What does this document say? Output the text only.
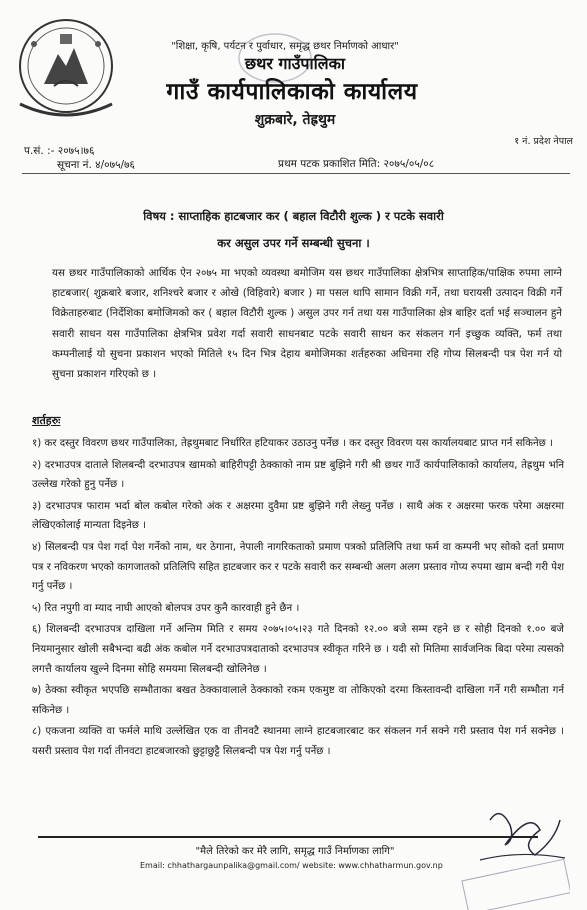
"शिक्षा, कृषि, पर्यटन र पुर्वाधार, समृद्ध छथर निर्माणको आधार"
छथर गाउँपालिका
गाउँ कार्यपालिकाको कार्यालय
शुक्रबारे, तेह्रथुम
१ नं. प्रदेश नेपाल
प.सं. :- २०७५।७६
सूचना नं. ४/०७५/७६	प्रथम पटक प्रकाशित मिति: २०७५/०५/०८
विषय : साप्ताहिक हाटबजार कर ( बहाल विटौरी शुल्क ) र पटके सवारी
कर असुल उपर गर्ने सम्बन्धी सुचना ।

यस छथर गाउँपालिकाको आर्थिक ऐन २०७५ मा भएको व्यवस्था बमोजिम यस छथर गाउँपालिका क्षेत्रभित्र साप्ताहिक/पाक्षिक रुपमा लाग्ने हाटबजार( शुक्रबारे बजार, शनिश्चरे बजार र ओखे (विहिवारे) बजार ) मा पसल थापि सामान विक्री गर्ने, तथा घरायसी उत्पादन विक्री गर्ने विक्रेताहरुबाट (निर्देशिका बमोजिमको कर ( बहाल विटौरी शुल्क ) असुल उपर गर्न तथा यस गाउँपालिका क्षेत्र बाहिर दर्ता भई सञ्चालन हुने सवारी साधन यस गाउँपालिका क्षेत्रभित्र प्रवेश गर्दा सवारी साधनबाट पटके सवारी साधन कर संकलन गर्न इच्छुक व्यक्ति, फर्म तथा कम्पनीलाई यो सुचना प्रकाशन भएको मितिले १५ दिन भित्र देहाय बमोजिमका शर्तहरुका अधिनमा रहि गोप्य सिलबन्दी पत्र पेश गर्न यो सुचना प्रकाशन गरिएको छ ।

शर्तहरुः

१) कर दस्तुर विवरण छथर गाउँपालिका, तेह्रथुमबाट निर्धारित हटियाकर उठाउनु पर्नेछ । कर दस्तुर विवरण यस कार्यालयबाट प्राप्त गर्न सकिनेछ ।

२) दरभाउपत्र दाताले शिलबन्दी दरभाउपत्र खामको बाहिरीपट्टी ठेक्काको नाम प्रष्ट बुझिने गरी श्री छथर गाउँ कार्यपालिकाको कार्यालय, तेह्रथुम भनि उल्लेख गरेको हुनु पर्नेछ ।

३) दरभाउपत्र फाराम भर्दा बोल कबोल गरेको अंक र अक्षरमा दुवैमा प्रष्ट बुझिने गरी लेख्नु पर्नेछ । साथै अंक र अक्षरमा फरक परेमा अक्षरमा लेखिएकोलाई मान्यता दिइनेछ ।

४) सिलबन्दी पत्र पेश गर्दा पेश गर्नेको नाम, थर ठेगाना, नेपाली नागरिकताको प्रमाण पत्रको प्रतिलिपि तथा फर्म वा कम्पनी भए सोको दर्ता प्रमाण पत्र र नविकरण भएको कागजातको प्रतिलिपि सहित हाटबजार कर र पटके सवारी कर सम्बन्धी अलग अलग प्रस्ताव गोप्य रुपमा खाम बन्दी गरी पेश गर्नु पर्नेछ ।

५) रित नपुगी वा म्याद नाघी आएको बोलपत्र उपर कुनै कारवाही हुने छैन ।

६) शिलबन्दी दरभाउपत्र दाखिला गर्ने अन्तिम मिति र समय २०७५।०५।२३ गते दिनको १२.०० बजे सम्म रहने छ र सोही दिनको १.०० बजे नियमानुसार खोली सबैभन्दा बढी अंक कबोल गर्ने दरभाउपत्रदाताको दरभाउपत्र स्वीकृत गरिने छ । यदी सो मितिमा सार्वजनिक बिदा परेमा त्यसको लगत्तै कार्यालय खुल्ने दिनमा सोहि समयमा सिलबन्दी खोलिनेछ ।

७) ठेक्का स्वीकृत भएपछि सम्भौताका बखत ठेक्कावालाले ठेक्काको रकम एकमुष्ट वा तोकिएको दरमा किस्तावन्दी दाखिला गर्ने गरी सम्भौता गर्न सकिनेछ ।

८) एकजना व्यक्ति वा फर्मले माथि उल्लेखित एक वा तीनवटै स्थानमा लाग्ने हाटबजारबाट कर संकलन गर्न सक्ने गरी प्रस्ताव पेश गर्न सक्नेछ । यसरी प्रस्ताव पेश गर्दा तीनवटा हाटबजारको छुट्टाछुट्टै सिलबन्दी पत्र पेश गर्नु पर्नेछ ।

"मैले तिरेको कर मेरै लागि, समृद्ध गाउँ निर्माणका लागि"
Email: chhathargaunpalika@gmail.com/ website: www.chhatharmun.gov.np
